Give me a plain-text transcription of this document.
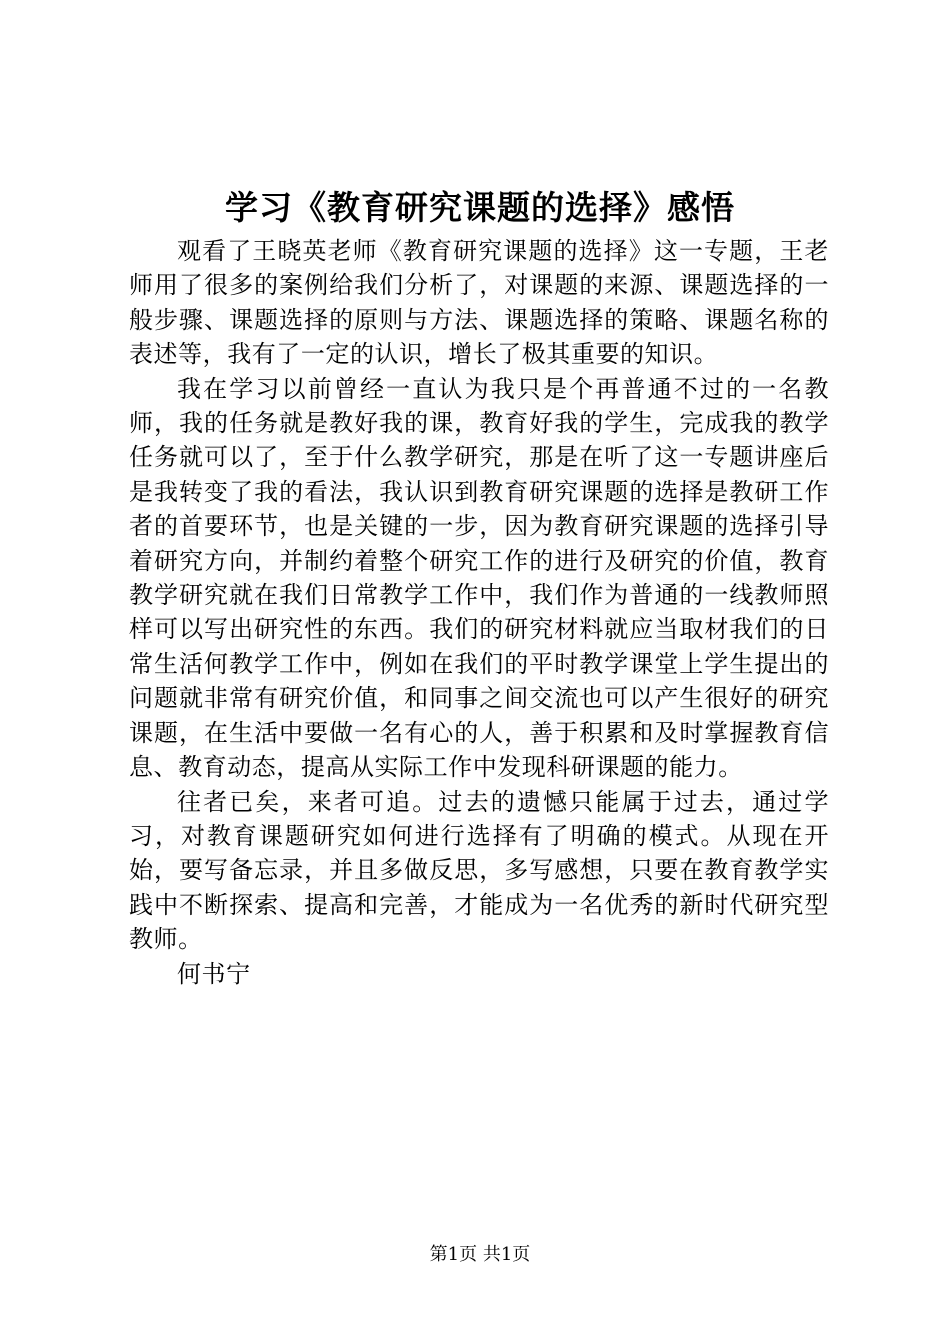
学习《教育研究课题的选择》感悟

观看了王晓英老师《教育研究课题的选择》这一专题，王老师用了很多的案例给我们分析了，对课题的来源、课题选择的一般步骤、课题选择的原则与方法、课题选择的策略、课题名称的表述等，我有了一定的认识，增长了极其重要的知识。

我在学习以前曾经一直认为我只是个再普通不过的一名教师，我的任务就是教好我的课，教育好我的学生，完成我的教学任务就可以了，至于什么教学研究，那是在听了这一专题讲座后是我转变了我的看法，我认识到教育研究课题的选择是教研工作者的首要环节，也是关键的一步，因为教育研究课题的选择引导着研究方向，并制约着整个研究工作的进行及研究的价值，教育教学研究就在我们日常教学工作中，我们作为普通的一线教师照样可以写出研究性的东西。我们的研究材料就应当取材我们的日常生活何教学工作中，例如在我们的平时教学课堂上学生提出的问题就非常有研究价值，和同事之间交流也可以产生很好的研究课题，在生活中要做一名有心的人，善于积累和及时掌握教育信息、教育动态，提高从实际工作中发现科研课题的能力。

往者已矣，来者可追。过去的遗憾只能属于过去，通过学习，对教育课题研究如何进行选择有了明确的模式。从现在开始，要写备忘录，并且多做反思，多写感想，只要在教育教学实践中不断探索、提高和完善，才能成为一名优秀的新时代研究型教师。

何书宁

第1页 共1页
